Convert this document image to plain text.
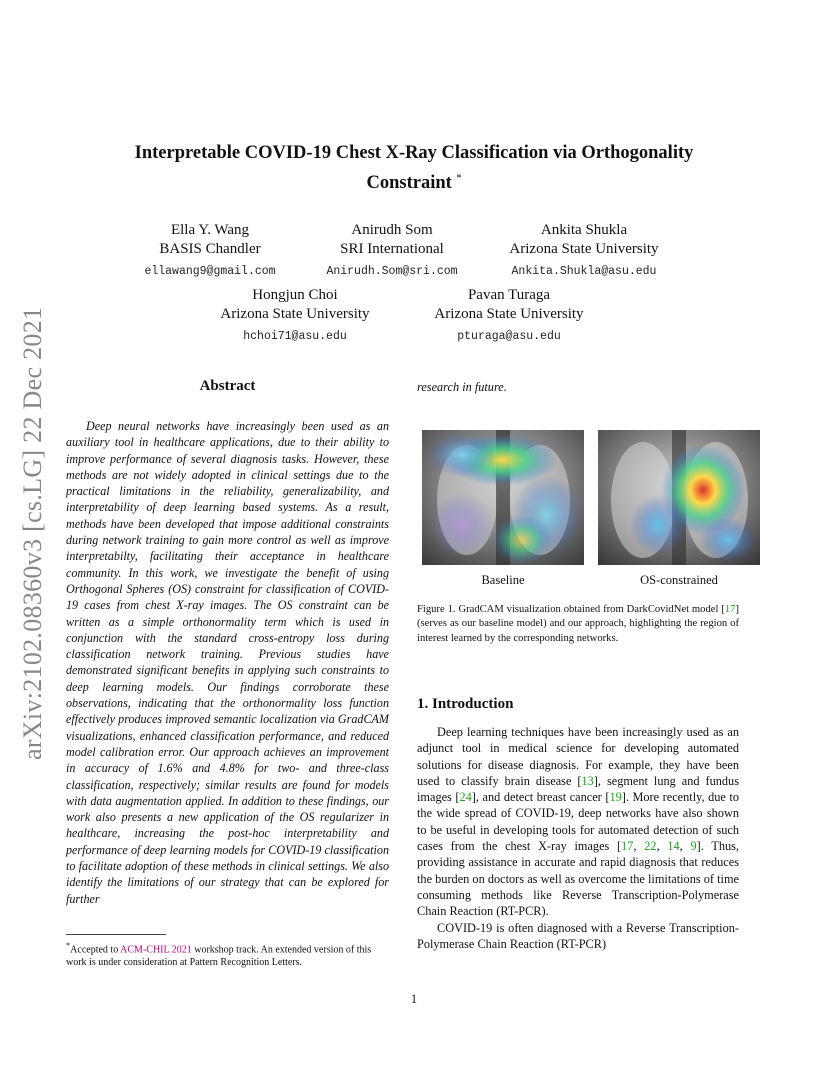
arXiv:2102.08360v3 [cs.LG] 22 Dec 2021
Interpretable COVID-19 Chest X-Ray Classification via Orthogonality
Constraint *
Ella Y. Wang
BASIS Chandler
ellawang9@gmail.com
Anirudh Som
SRI International
Anirudh.Som@sri.com
Ankita Shukla
Arizona State University
Ankita.Shukla@asu.edu
Hongjun Choi
Arizona State University
hchoi71@asu.edu
Pavan Turaga
Arizona State University
pturaga@asu.edu
Abstract

Deep neural networks have increasingly been used as an auxiliary tool in healthcare applications, due to their ability to improve performance of several diagnosis tasks. However, these methods are not widely adopted in clinical settings due to the practical limitations in the reliability, generalizability, and interpretability of deep learning based systems. As a result, methods have been developed that impose additional constraints during network training to gain more control as well as improve interpretabilty, facilitating their acceptance in healthcare community. In this work, we investigate the benefit of using Orthogonal Spheres (OS) constraint for classification of COVID-19 cases from chest X-ray images. The OS constraint can be written as a simple orthonormality term which is used in conjunction with the standard cross-entropy loss during classification network training. Previous studies have demonstrated significant benefits in applying such constraints to deep learning models. Our findings corroborate these observations, indicating that the orthonormality loss function effectively produces improved semantic localization via GradCAM visualizations, enhanced classification performance, and reduced model calibration error. Our approach achieves an improvement in accuracy of 1.6% and 4.8% for two- and three-class classification, respectively; similar results are found for models with data augmentation applied. In addition to these findings, our work also presents a new application of the OS regularizer in healthcare, increasing the post-hoc interpretability and performance of deep learning models for COVID-19 classification to facilitate adoption of these methods in clinical settings. We also identify the limitations of our strategy that can be explored for further

research in future.
Baseline	OS-constrained
Figure 1. GradCAM visualization obtained from DarkCovidNet model [17] (serves as our baseline model) and our approach, highlighting the region of interest learned by the corresponding networks.
1. Introduction

Deep learning techniques have been increasingly used as an adjunct tool in medical science for developing automated solutions for disease diagnosis. For example, they have been used to classify brain disease [13], segment lung and fundus images [24], and detect breast cancer [19]. More recently, due to the wide spread of COVID-19, deep networks have also shown to be useful in developing tools for automated detection of such cases from the chest X-ray images [17, 22, 14, 9]. Thus, providing assistance in accurate and rapid diagnosis that reduces the burden on doctors as well as overcome the limitations of time consuming methods like Reverse Transcription-Polymerase Chain Reaction (RT-PCR).

COVID-19 is often diagnosed with a Reverse Transcription-Polymerase Chain Reaction (RT-PCR)

*Accepted to ACM-CHIL 2021 workshop track. An extended version of this work is under consideration at Pattern Recognition Letters.
1
